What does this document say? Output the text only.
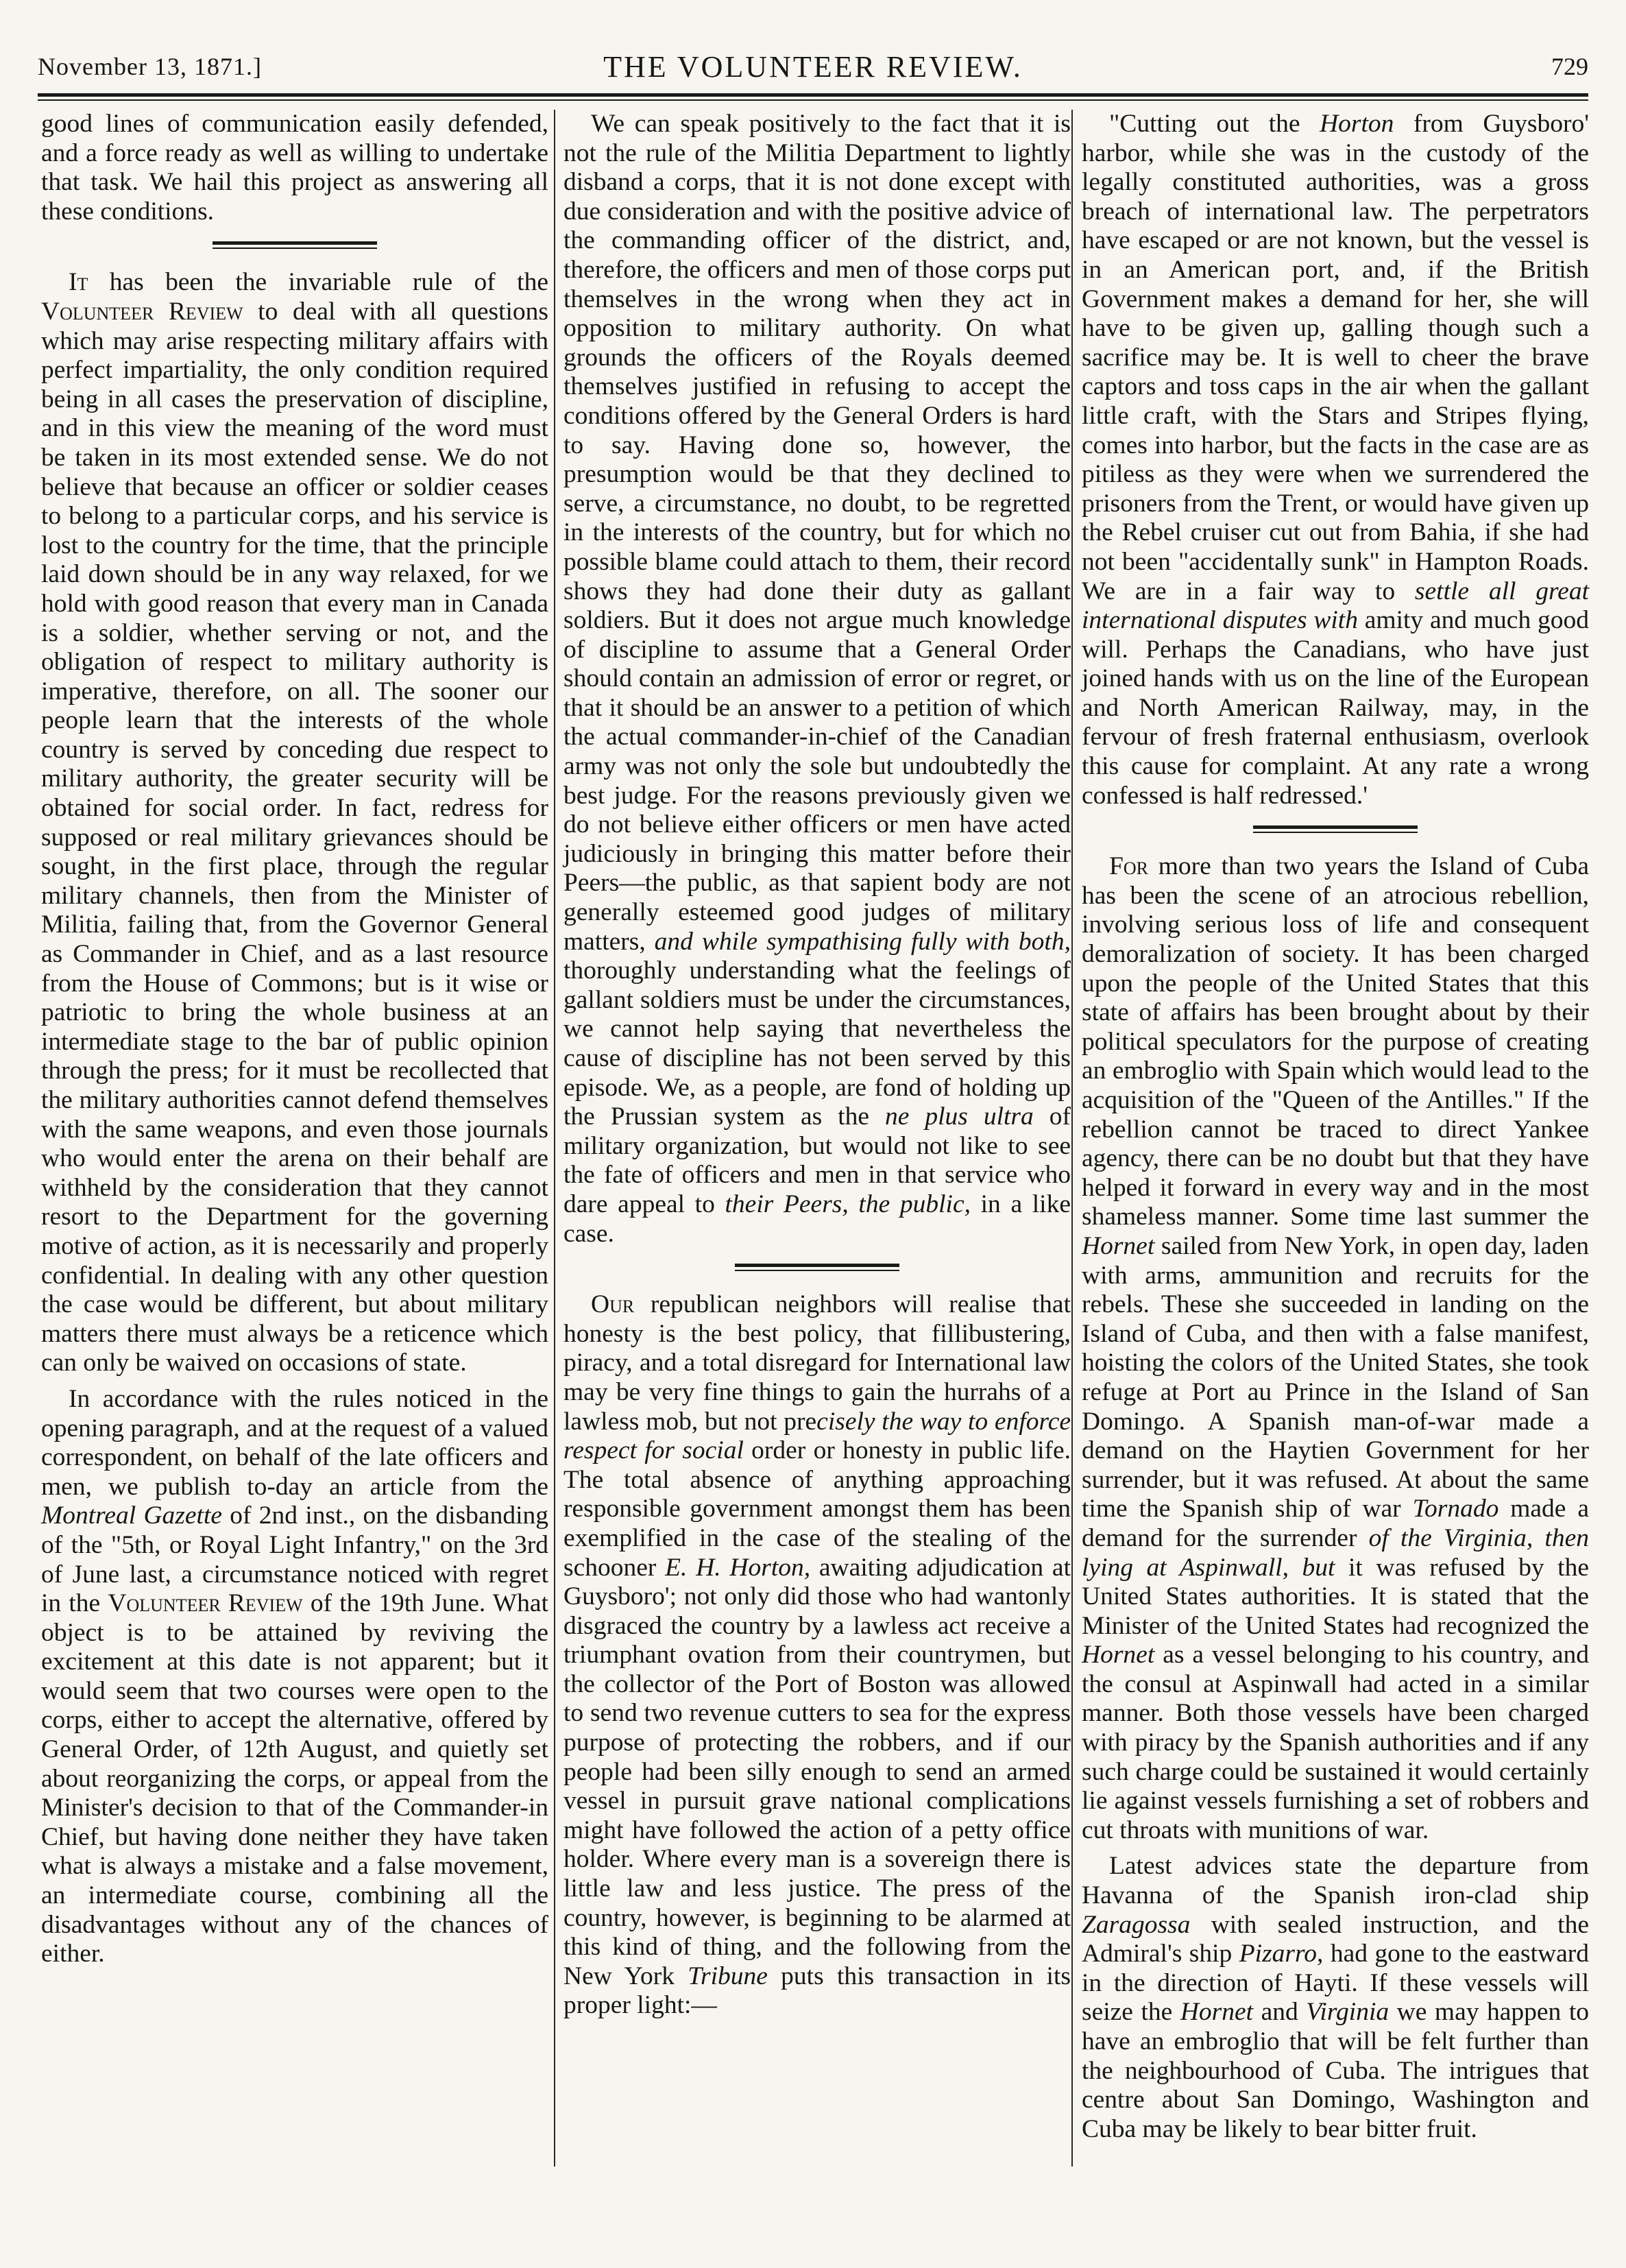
November 13, 1871.]	THE VOLUNTEER REVIEW.	729

good lines of communication easily defended, and a force ready as well as willing to undertake that task. We hail this project as answering all these conditions.

It has been the invariable rule of the Volunteer Review to deal with all questions which may arise respecting military affairs with perfect impartiality, the only condition required being in all cases the preservation of discipline, and in this view the meaning of the word must be taken in its most extended sense. We do not believe that because an officer or soldier ceases to belong to a particular corps, and his service is lost to the country for the time, that the principle laid down should be in any way relaxed, for we hold with good reason that every man in Canada is a soldier, whether serving or not, and the obligation of respect to military authority is imperative, therefore, on all. The sooner our people learn that the interests of the whole country is served by conceding due respect to military authority, the greater security will be obtained for social order. In fact, redress for supposed or real military grievances should be sought, in the first place, through the regular military channels, then from the Minister of Militia, failing that, from the Governor General as Commander in Chief, and as a last resource from the House of Commons; but is it wise or patriotic to bring the whole business at an intermediate stage to the bar of public opinion through the press; for it must be recollected that the military authorities cannot defend themselves with the same weapons, and even those journals who would enter the arena on their behalf are withheld by the consideration that they cannot resort to the Department for the governing motive of action, as it is necessarily and properly confidential. In dealing with any other question the case would be different, but about military matters there must always be a reticence which can only be waived on occasions of state.

In accordance with the rules noticed in the opening paragraph, and at the request of a valued correspondent, on behalf of the late officers and men, we publish to-day an article from the Montreal Gazette of 2nd inst., on the disbanding of the "5th, or Royal Light Infantry," on the 3rd of June last, a circumstance noticed with regret in the Volunteer Review of the 19th June. What object is to be attained by reviving the excitement at this date is not apparent; but it would seem that two courses were open to the corps, either to accept the alternative, offered by General Order, of 12th August, and quietly set about reorganizing the corps, or appeal from the Minister's decision to that of the Commander-in Chief, but having done neither they have taken what is always a mistake and a false movement, an intermediate course, combining all the disadvantages without any of the chances of either.

We can speak positively to the fact that it is not the rule of the Militia Department to lightly disband a corps, that it is not done except with due consideration and with the positive advice of the commanding officer of the district, and, therefore, the officers and men of those corps put themselves in the wrong when they act in opposition to military authority. On what grounds the officers of the Royals deemed themselves justified in refusing to accept the conditions offered by the General Orders is hard to say. Having done so, however, the presumption would be that they declined to serve, a circumstance, no doubt, to be regretted in the interests of the country, but for which no possible blame could attach to them, their record shows they had done their duty as gallant soldiers. But it does not argue much knowledge of discipline to assume that a General Order should contain an admission of error or regret, or that it should be an answer to a petition of which the actual commander-in-chief of the Canadian army was not only the sole but undoubtedly the best judge. For the reasons previously given we do not believe either officers or men have acted judiciously in bringing this matter before their Peers—the public, as that sapient body are not generally esteemed good judges of military matters, and while sympathising fully with both, thoroughly understanding what the feelings of gallant soldiers must be under the circumstances, we cannot help saying that nevertheless the cause of discipline has not been served by this episode. We, as a people, are fond of holding up the Prussian system as the ne plus ultra of military organization, but would not like to see the fate of officers and men in that service who dare appeal to their Peers, the public, in a like case.

Our republican neighbors will realise that honesty is the best policy, that fillibustering, piracy, and a total disregard for International law may be very fine things to gain the hurrahs of a lawless mob, but not precisely the way to enforce respect for social order or honesty in public life. The total absence of anything approaching responsible government amongst them has been exemplified in the case of the stealing of the schooner E. H. Horton, awaiting adjudication at Guysboro'; not only did those who had wantonly disgraced the country by a lawless act receive a triumphant ovation from their countrymen, but the collector of the Port of Boston was allowed to send two revenue cutters to sea for the express purpose of protecting the robbers, and if our people had been silly enough to send an armed vessel in pursuit grave national complications might have followed the action of a petty office holder. Where every man is a sovereign there is little law and less justice. The press of the country, however, is beginning to be alarmed at this kind of thing, and the following from the New York Tribune puts this transaction in its proper light:—

"Cutting out the Horton from Guysboro' harbor, while she was in the custody of the legally constituted authorities, was a gross breach of international law. The perpetrators have escaped or are not known, but the vessel is in an American port, and, if the British Government makes a demand for her, she will have to be given up, galling though such a sacrifice may be. It is well to cheer the brave captors and toss caps in the air when the gallant little craft, with the Stars and Stripes flying, comes into harbor, but the facts in the case are as pitiless as they were when we surrendered the prisoners from the Trent, or would have given up the Rebel cruiser cut out from Bahia, if she had not been "accidentally sunk" in Hampton Roads. We are in a fair way to settle all great international disputes with amity and much good will. Perhaps the Canadians, who have just joined hands with us on the line of the European and North American Railway, may, in the fervour of fresh fraternal enthusiasm, overlook this cause for complaint. At any rate a wrong confessed is half redressed.'

For more than two years the Island of Cuba has been the scene of an atrocious rebellion, involving serious loss of life and consequent demoralization of society. It has been charged upon the people of the United States that this state of affairs has been brought about by their political speculators for the purpose of creating an embroglio with Spain which would lead to the acquisition of the "Queen of the Antilles." If the rebellion cannot be traced to direct Yankee agency, there can be no doubt but that they have helped it forward in every way and in the most shameless manner. Some time last summer the Hornet sailed from New York, in open day, laden with arms, ammunition and recruits for the rebels. These she succeeded in landing on the Island of Cuba, and then with a false manifest, hoisting the colors of the United States, she took refuge at Port au Prince in the Island of San Domingo. A Spanish man-of-war made a demand on the Haytien Government for her surrender, but it was refused. At about the same time the Spanish ship of war Tornado made a demand for the surrender of the Virginia, then lying at Aspinwall, but it was refused by the United States authorities. It is stated that the Minister of the United States had recognized the Hornet as a vessel belonging to his country, and the consul at Aspinwall had acted in a similar manner. Both those vessels have been charged with piracy by the Spanish authorities and if any such charge could be sustained it would certainly lie against vessels furnishing a set of robbers and cut throats with munitions of war.

Latest advices state the departure from Havanna of the Spanish iron-clad ship Zaragossa with sealed instruction, and the Admiral's ship Pizarro, had gone to the eastward in the direction of Hayti. If these vessels will seize the Hornet and Virginia we may happen to have an embroglio that will be felt further than the neighbourhood of Cuba. The intrigues that centre about San Domingo, Washington and Cuba may be likely to bear bitter fruit.
